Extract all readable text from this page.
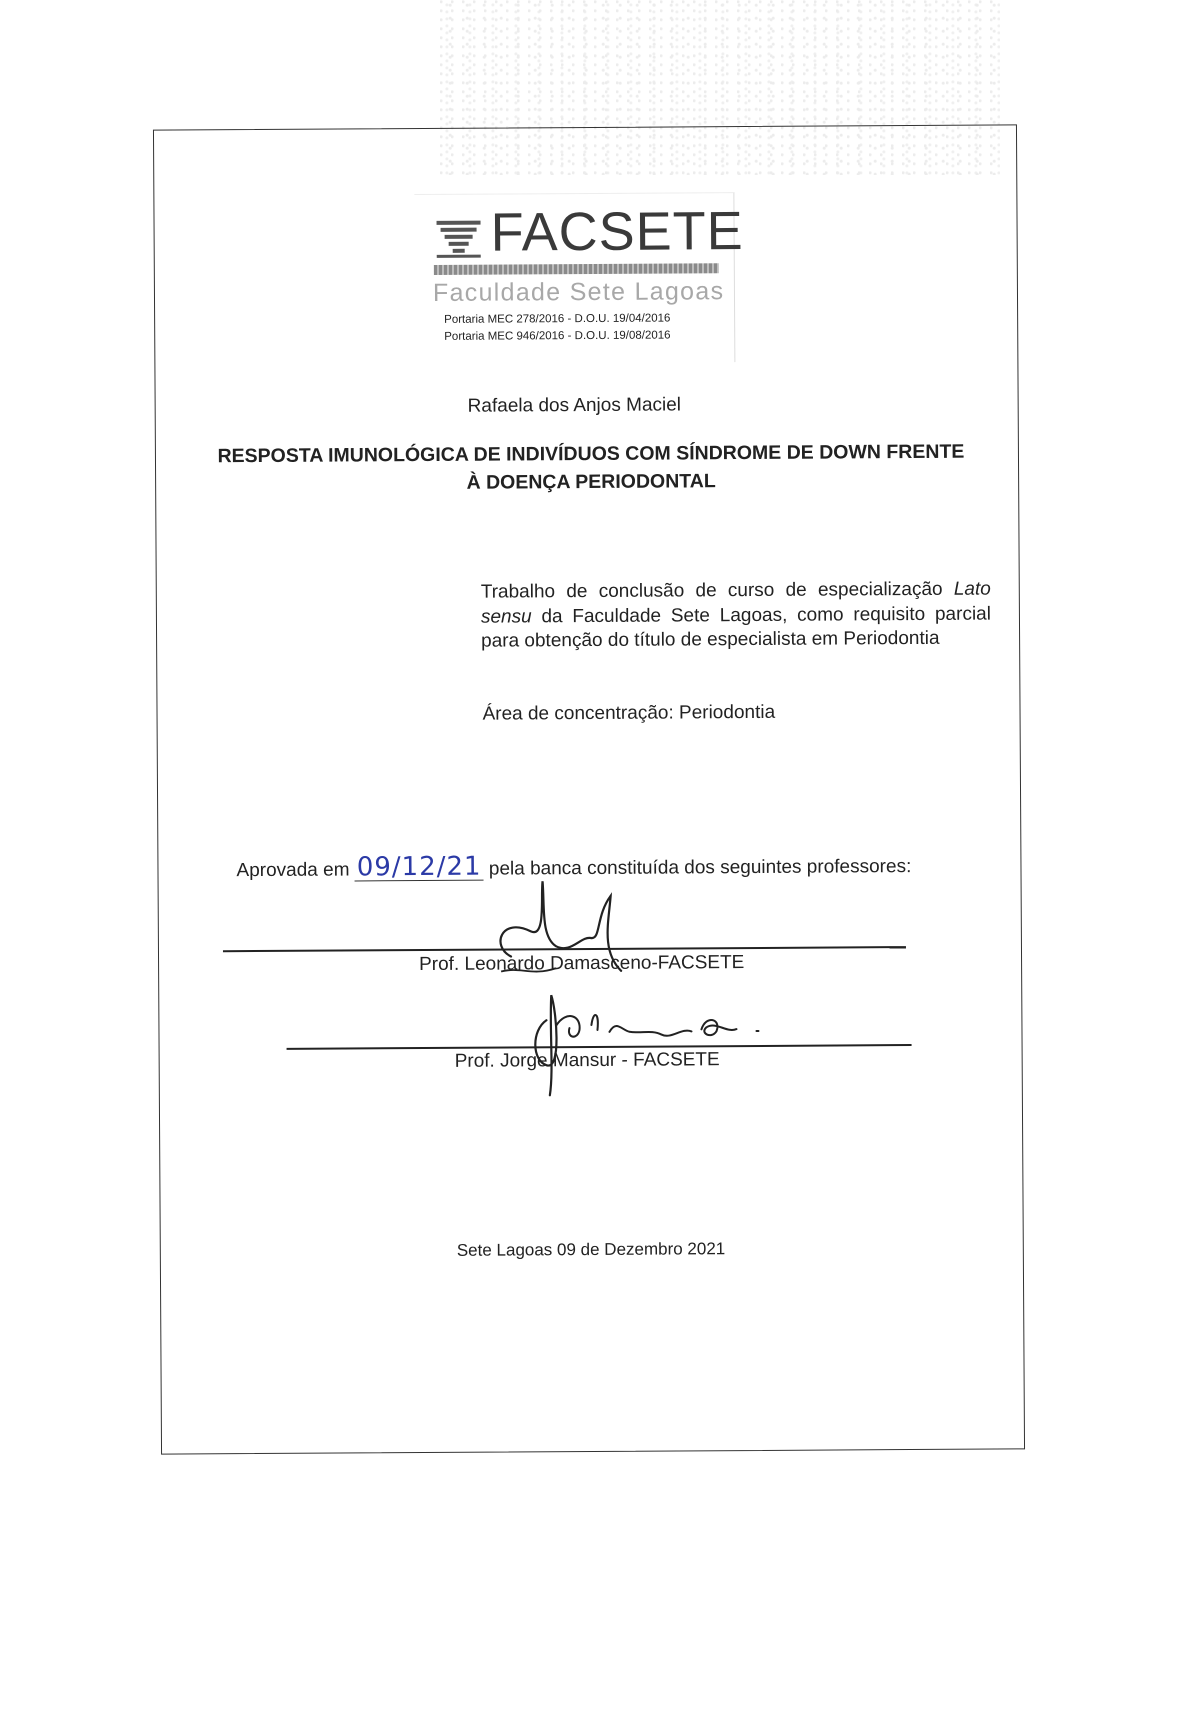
FACSETE
Faculdade Sete Lagoas
Portaria MEC 278/2016 - D.O.U. 19/04/2016
Portaria MEC 946/2016 - D.O.U. 19/08/2016
Rafaela dos Anjos Maciel
RESPOSTA IMUNOLÓGICA DE INDIVÍDUOS COM SÍNDROME DE DOWN FRENTE
À DOENÇA PERIODONTAL
Trabalho de conclusão de curso de especialização Lato sensu da Faculdade Sete Lagoas, como requisito parcial para obtenção do título de especialista em Periodontia
Área de concentração: Periodontia
Aprovada em 09/12/21 pela banca constituída dos seguintes professores:
Prof. Leonardo Damasceno-FACSETE
Prof. Jorge Mansur - FACSETE
Sete Lagoas 09 de Dezembro 2021
